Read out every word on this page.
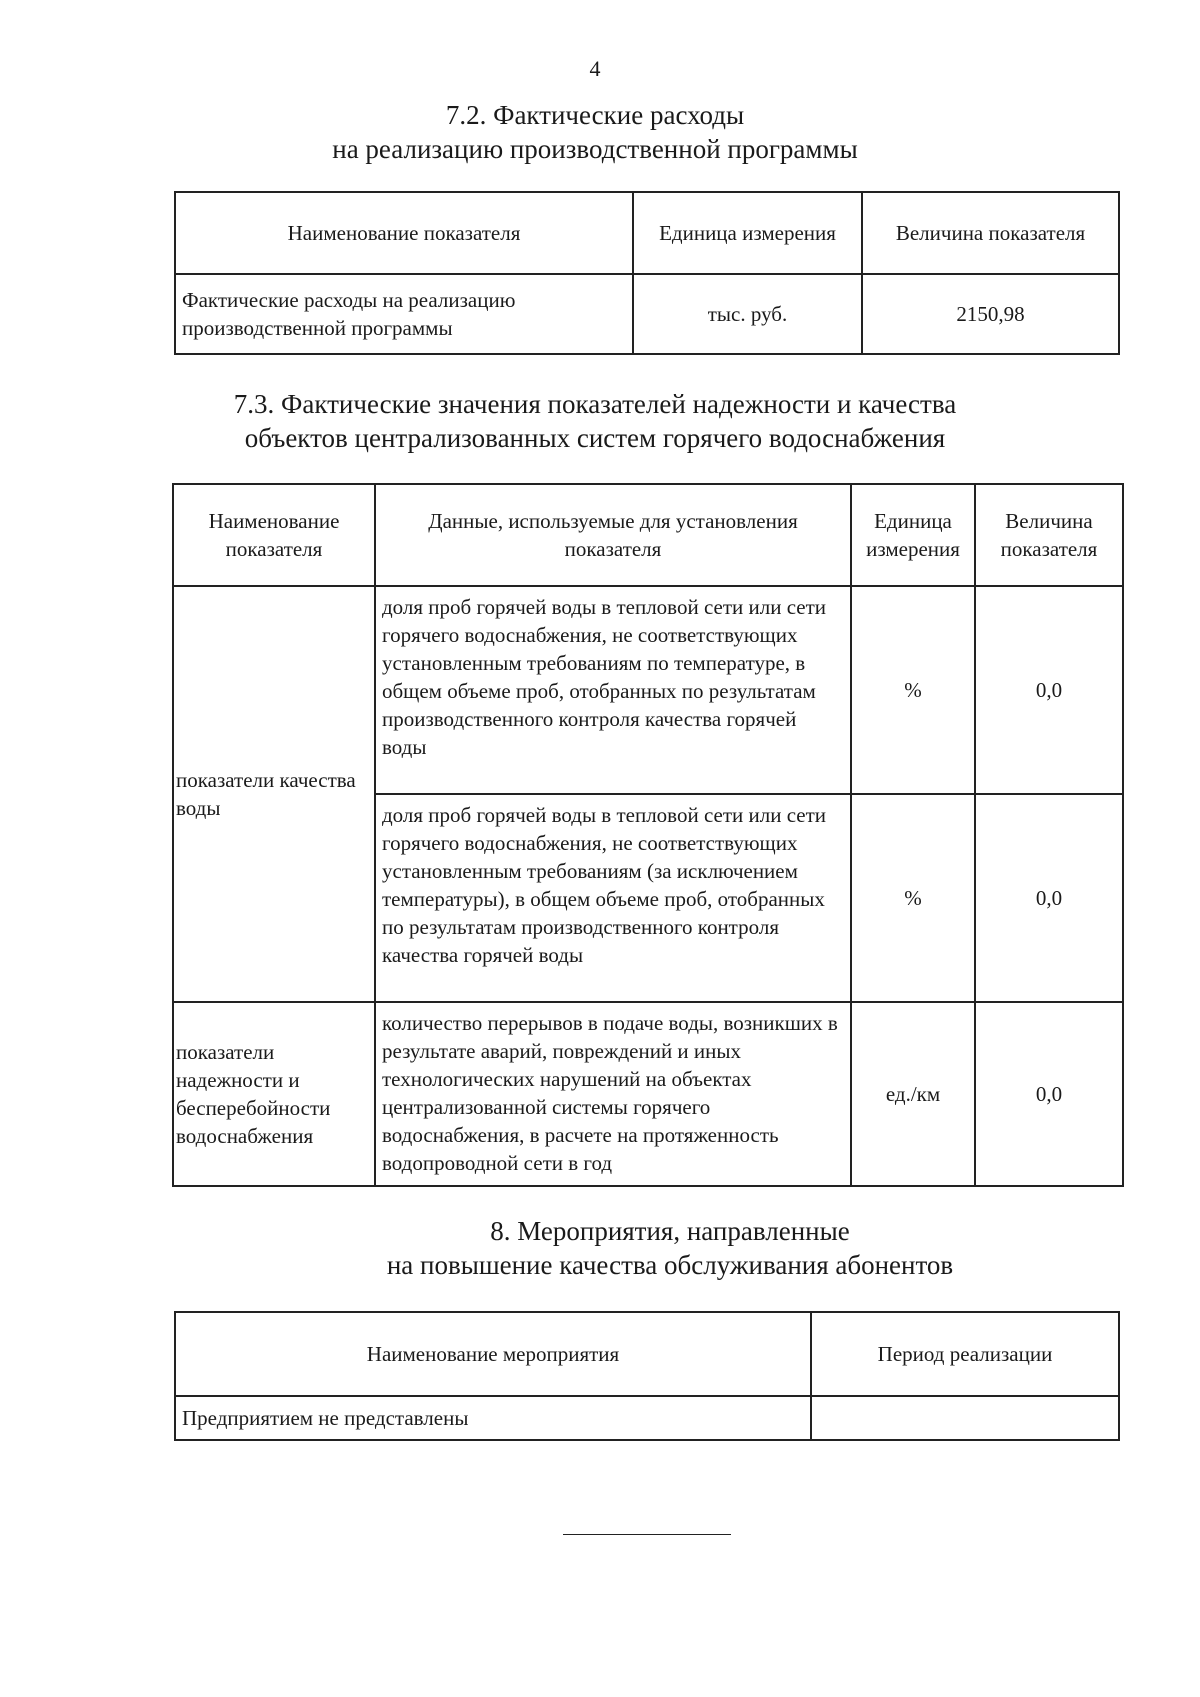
4
7.2. Фактические расходы
на реализацию производственной программы
Наименование показателя	Единица измерения	Величина показателя
Фактические расходы на реализацию производственной программы	тыс. руб.	2150,98
7.3. Фактические значения показателей надежности и качества
объектов централизованных систем горячего водоснабжения
Наименование показателя	Данные, используемые для установления показателя	Единица измерения	Величина показателя
показатели качества воды	доля проб горячей воды в тепловой сети или сети горячего водоснабжения, не соответствующих установленным требованиям по температуре, в общем объеме проб, отобранных по результатам производственного контроля качества горячей воды	%	0,0
	доля проб горячей воды в тепловой сети или сети горячего водоснабжения, не соответствующих установленным требованиям (за исключением температуры), в общем объеме проб, отобранных по результатам производственного контроля качества горячей воды	%	0,0
показатели надежности и бесперебойности водоснабжения	количество перерывов в подаче воды, возникших в результате аварий, повреждений и иных технологических нарушений на объектах централизованной системы горячего водоснабжения, в расчете на протяженность водопроводной сети в год	ед./км	0,0
8. Мероприятия, направленные
на повышение качества обслуживания абонентов
Наименование мероприятия	Период реализации
Предприятием не представлены	
